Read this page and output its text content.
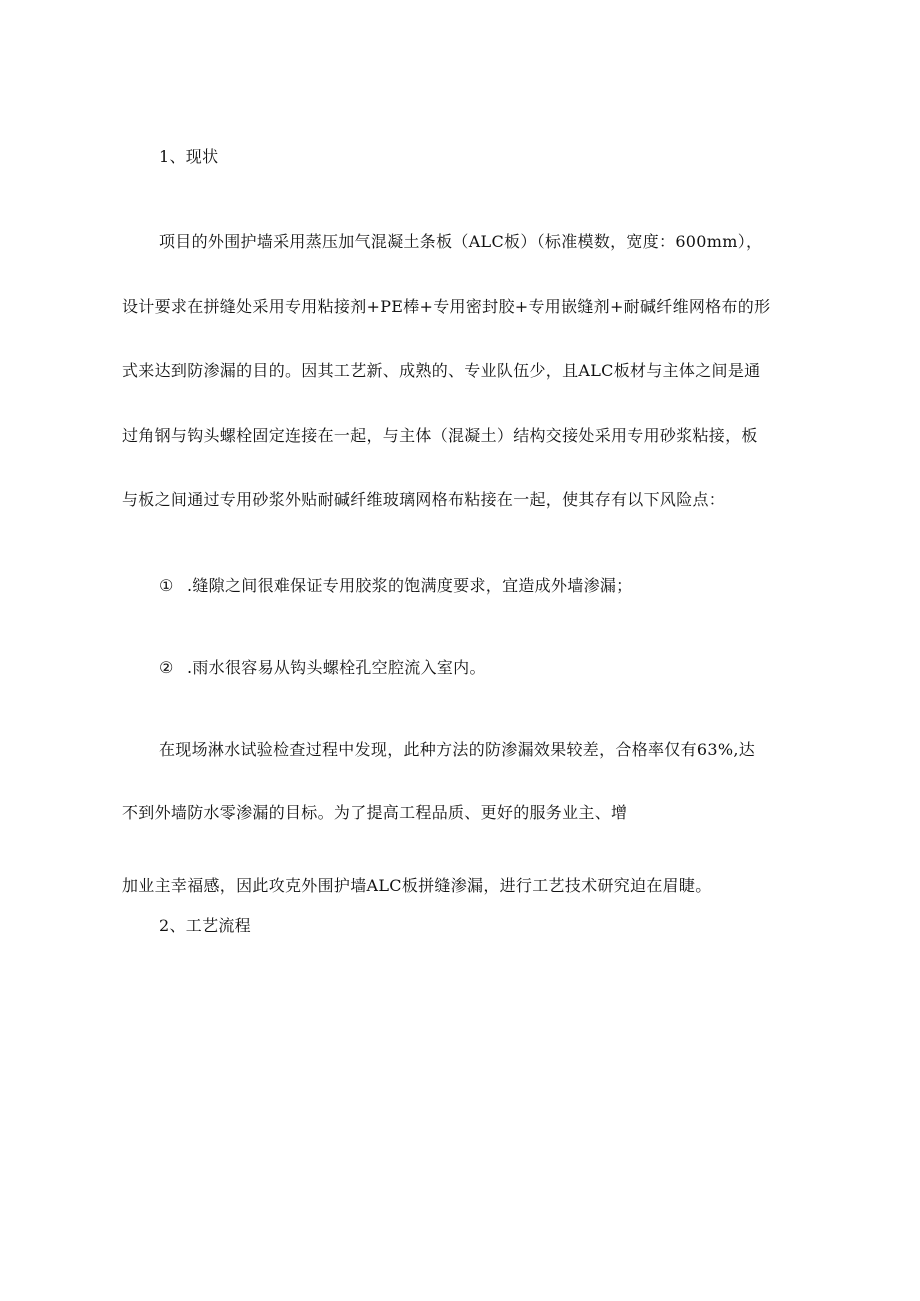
1、现状
项目的外围护墙采用蒸压加气混凝土条板（ALC板）（标准模数，宽度：600mm），
设计要求在拼缝处采用专用粘接剂+PE棒+专用密封胶+专用嵌缝剂+耐碱纤维网格布的形
式来达到防渗漏的目的。因其工艺新、成熟的、专业队伍少，且ALC板材与主体之间是通
过角钢与钩头螺栓固定连接在一起，与主体（混凝土）结构交接处采用专用砂浆粘接，板
与板之间通过专用砂浆外贴耐碱纤维玻璃网格布粘接在一起，使其存有以下风险点：
① .缝隙之间很难保证专用胶浆的饱满度要求，宜造成外墙渗漏；
② .雨水很容易从钩头螺栓孔空腔流入室内。
在现场淋水试验检查过程中发现，此种方法的防渗漏效果较差，合格率仅有63%,达
不到外墙防水零渗漏的目标。为了提高工程品质、更好的服务业主、增
加业主幸福感，因此攻克外围护墙ALC板拼缝渗漏，进行工艺技术研究迫在眉睫。
2、工艺流程
